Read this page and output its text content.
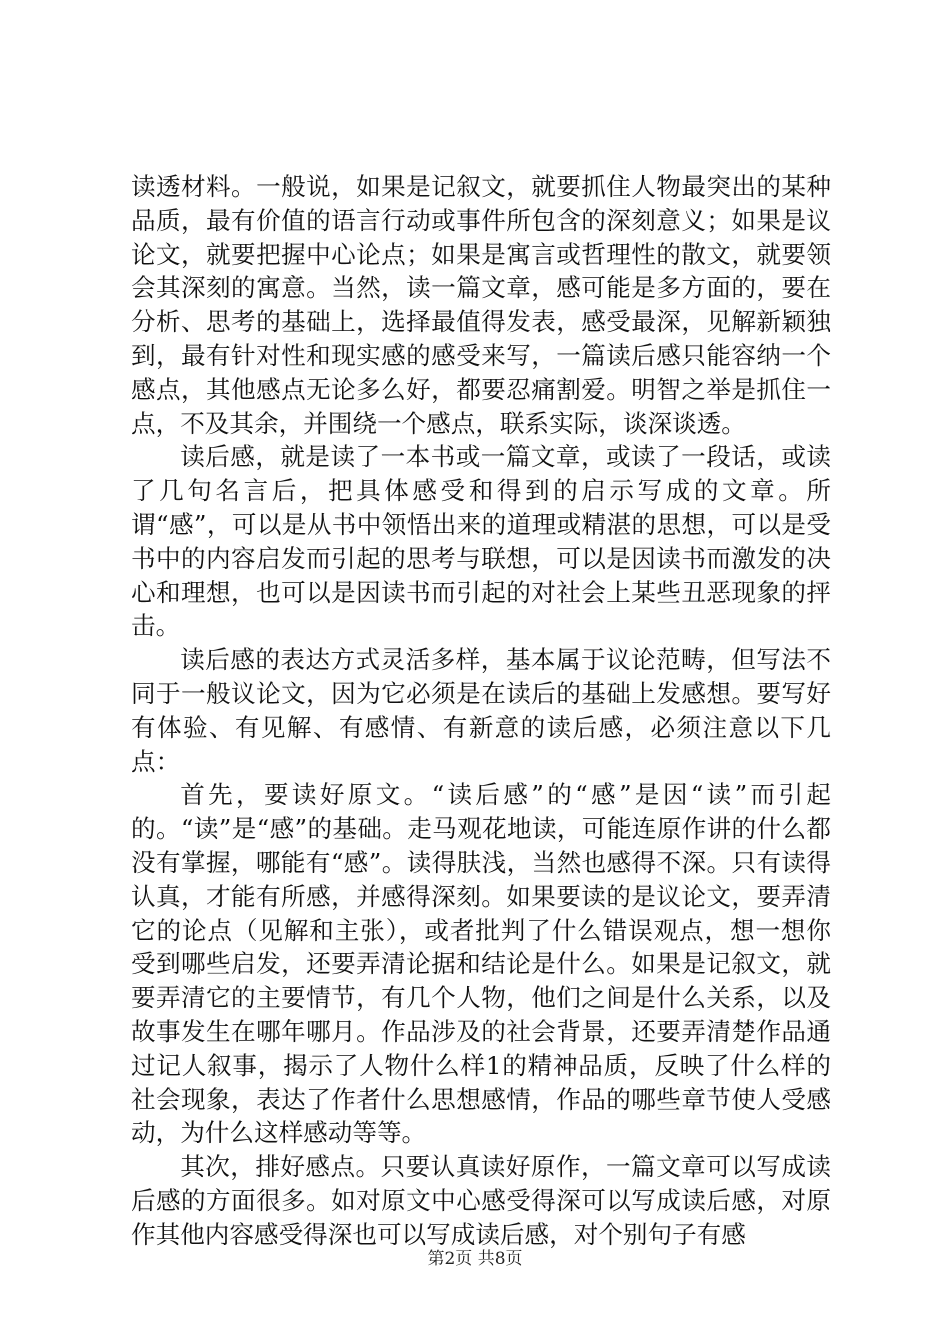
读透材料。一般说，如果是记叙文，就要抓住人物最突出的某种品质，最有价值的语言行动或事件所包含的深刻意义；如果是议论文，就要把握中心论点；如果是寓言或哲理性的散文，就要领会其深刻的寓意。当然，读一篇文章，感可能是多方面的，要在分析、思考的基础上，选择最值得发表，感受最深，见解新颖独到，最有针对性和现实感的感受来写，一篇读后感只能容纳一个感点，其他感点无论多么好，都要忍痛割爱。明智之举是抓住一点，不及其余，并围绕一个感点，联系实际，谈深谈透。

读后感，就是读了一本书或一篇文章，或读了一段话，或读了几句名言后，把具体感受和得到的启示写成的文章。所谓“感”，可以是从书中领悟出来的道理或精湛的思想，可以是受书中的内容启发而引起的思考与联想，可以是因读书而激发的决心和理想，也可以是因读书而引起的对社会上某些丑恶现象的抨击。

读后感的表达方式灵活多样，基本属于议论范畴，但写法不同于一般议论文，因为它必须是在读后的基础上发感想。要写好有体验、有见解、有感情、有新意的读后感，必须注意以下几点：

首先，要读好原文。“读后感”的“感”是因“读”而引起的。“读”是“感”的基础。走马观花地读，可能连原作讲的什么都没有掌握，哪能有“感”。读得肤浅，当然也感得不深。只有读得认真，才能有所感，并感得深刻。如果要读的是议论文，要弄清它的论点（见解和主张），或者批判了什么错误观点，想一想你受到哪些启发，还要弄清论据和结论是什么。如果是记叙文，就要弄清它的主要情节，有几个人物，他们之间是什么关系，以及故事发生在哪年哪月。作品涉及的社会背景，还要弄清楚作品通过记人叙事，揭示了人物什么样1的精神品质，反映了什么样的社会现象，表达了作者什么思想感情，作品的哪些章节使人受感动，为什么这样感动等等。

其次，排好感点。只要认真读好原作，一篇文章可以写成读后感的方面很多。如对原文中心感受得深可以写成读后感，对原作其他内容感受得深也可以写成读后感，对个别句子有感

第2页 共8页
